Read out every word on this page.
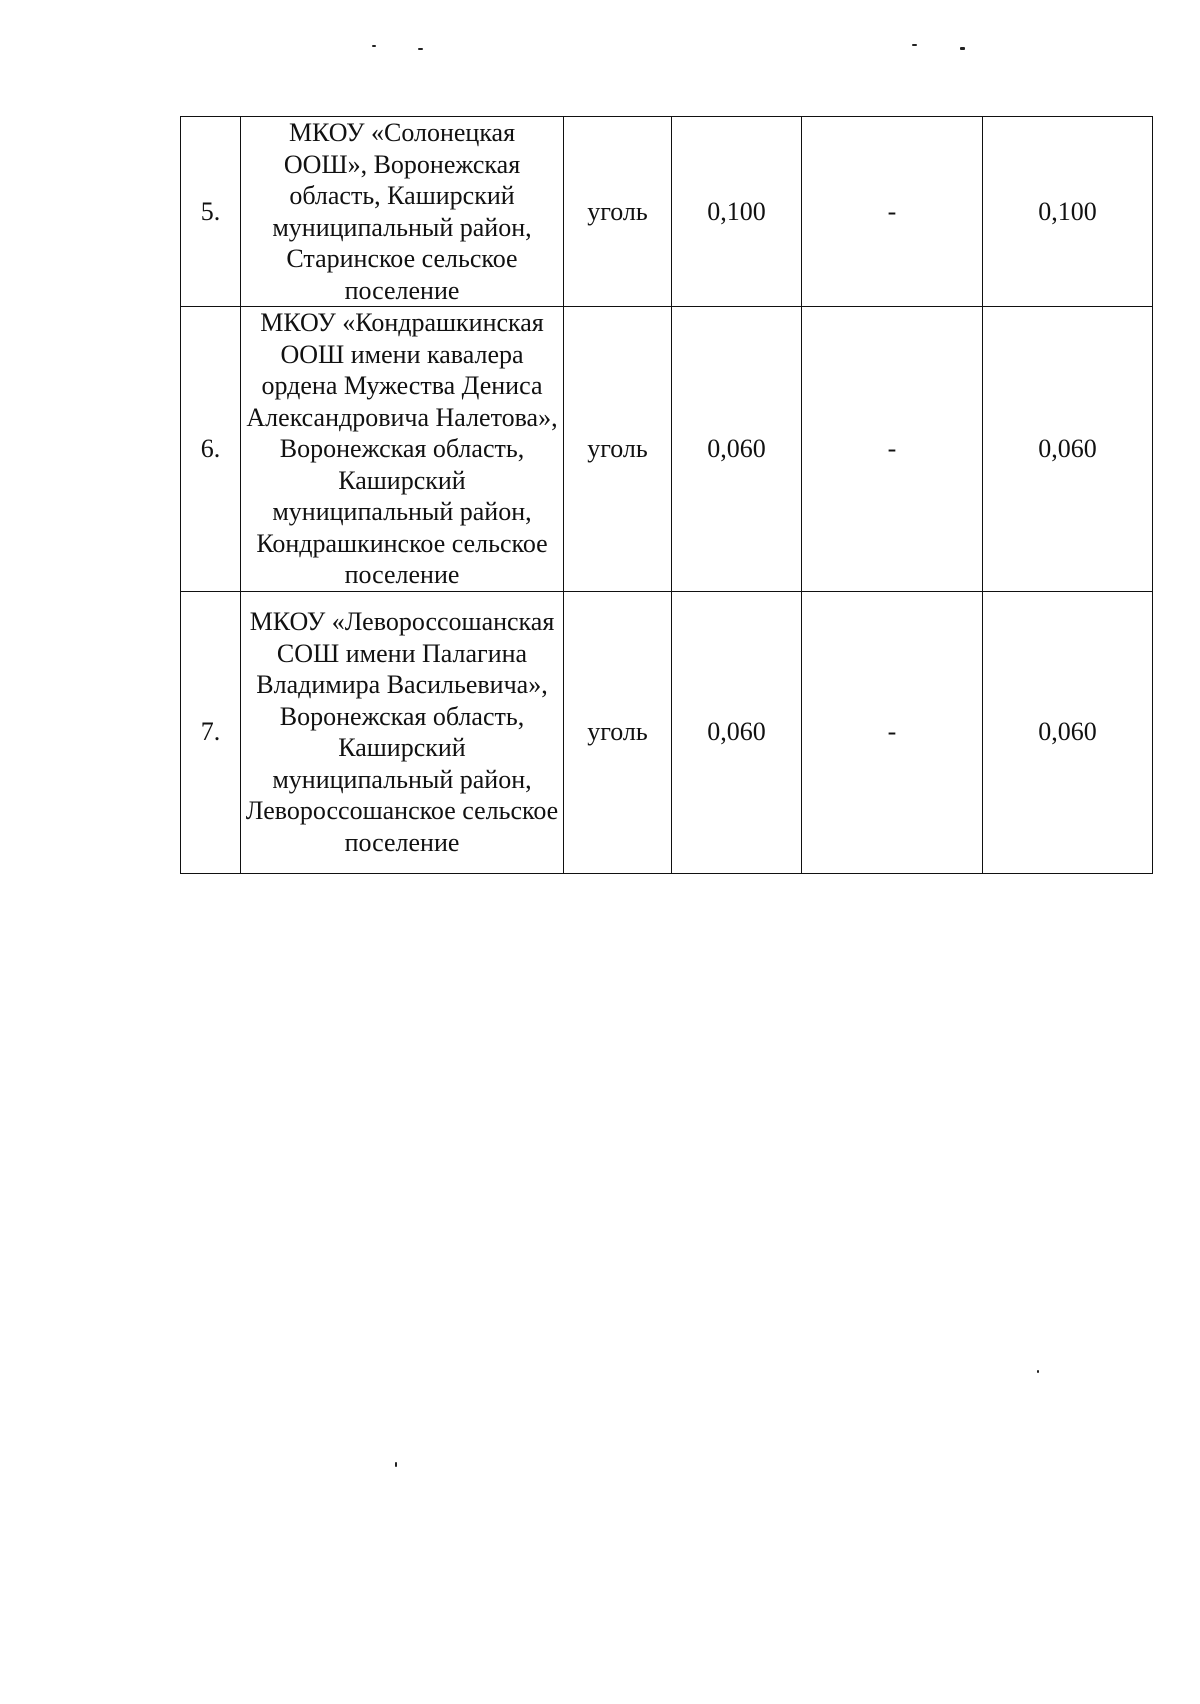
5.	МКОУ «Солонецкая ООШ», Воронежская область, Каширский муниципальный район, Старинское сельское поселение	уголь	0,100	-	0,100
6.	МКОУ «Кондрашкинская ООШ имени кавалера ордена Мужества Дениса Александровича Налетова», Воронежская область, Каширский муниципальный район, Кондрашкинское сельское поселение	уголь	0,060	-	0,060
7.	МКОУ «Левороссошанская СОШ имени Палагина Владимира Васильевича», Воронежская область, Каширский муниципальный район, Левороссошанское сельское поселение	уголь	0,060	-	0,060
